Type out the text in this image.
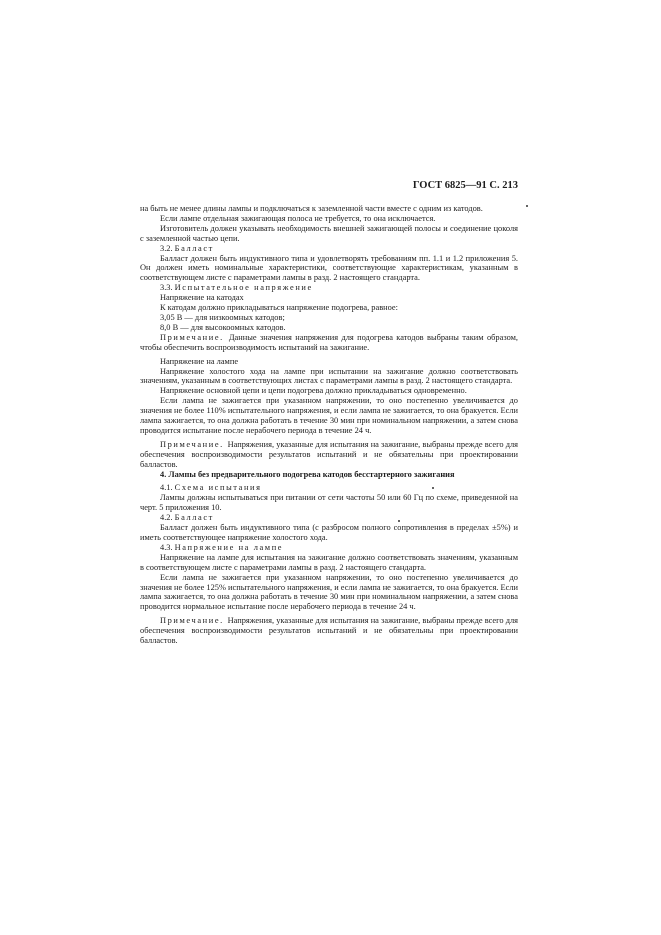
ГОСТ 6825—91 С. 213

на быть не менее длины лампы и подключаться к заземленной части вместе с одним из катодов.

Если лампе отдельная зажигающая полоса не требуется, то она исключается.

Изготовитель должен указывать необходимость внешней зажигающей полосы и соединение цоколя с заземленной частью цепи.

3.2. Балласт

Балласт должен быть индуктивного типа и удовлетворять требованиям пп. 1.1 и 1.2 приложения 5. Он должен иметь номинальные характеристики, соответствующие характеристикам, указанным в соответствующем листе с параметрами лампы в разд. 2 настоящего стандарта.

3.3. Испытательное напряжение

Напряжение на катодах

К катодам должно прикладываться напряжение подогрева, равное:

3,05 В — для низкоомных катодов;

8,0 В — для высокоомных катодов.

Примечание. Данные значения напряжения для подогрева катодов выбраны таким образом, чтобы обеспечить воспроизводимость испытаний на зажигание.

Напряжение на лампе

Напряжение холостого хода на лампе при испытании на зажигание должно соответствовать значениям, указанным в соответствующих листах с параметрами лампы в разд. 2 настоящего стандарта.

Напряжение основной цепи и цепи подогрева должно прикладываться одновременно.

Если лампа не зажигается при указанном напряжении, то оно постепенно увеличивается до значения не более 110% испытательного напряжения, и если лампа не зажигается, то она бракуется. Если лампа зажигается, то она должна работать в течение 30 мин при номинальном напряжении, а затем снова проводится испытание после нерабочего периода в течение 24 ч.

Примечание. Напряжения, указанные для испытания на зажигание, выбраны прежде всего для обеспечения воспроизводимости результатов испытаний и не обязательны при проектировании балластов.

4. Лампы без предварительного подогрева катодов бесстартерного зажигания

4.1. Схема испытания

Лампы должны испытываться при питании от сети частоты 50 или 60 Гц по схеме, приведенной на черт. 5 приложения 10.

4.2. Балласт

Балласт должен быть индуктивного типа (с разбросом полного сопротивления в пределах ±5%) и иметь соответствующее напряжение холостого хода.

4.3. Напряжение на лампе

Напряжение на лампе для испытания на зажигание должно соответствовать значениям, указанным в соответствующем листе с параметрами лампы в разд. 2 настоящего стандарта.

Если лампа не зажигается при указанном напряжении, то оно постепенно увеличивается до значения не более 125% испытательного напряжения, и если лампа не зажигается, то она бракуется. Если лампа зажигается, то она должна работать в течение 30 мин при номинальном напряжении, а затем снова проводится нормальное испытание после нерабочего периода в течение 24 ч.

Примечание. Напряжения, указанные для испытания на зажигание, выбраны прежде всего для обеспечения воспроизводимости результатов испытаний и не обязательны при проектировании балластов.
